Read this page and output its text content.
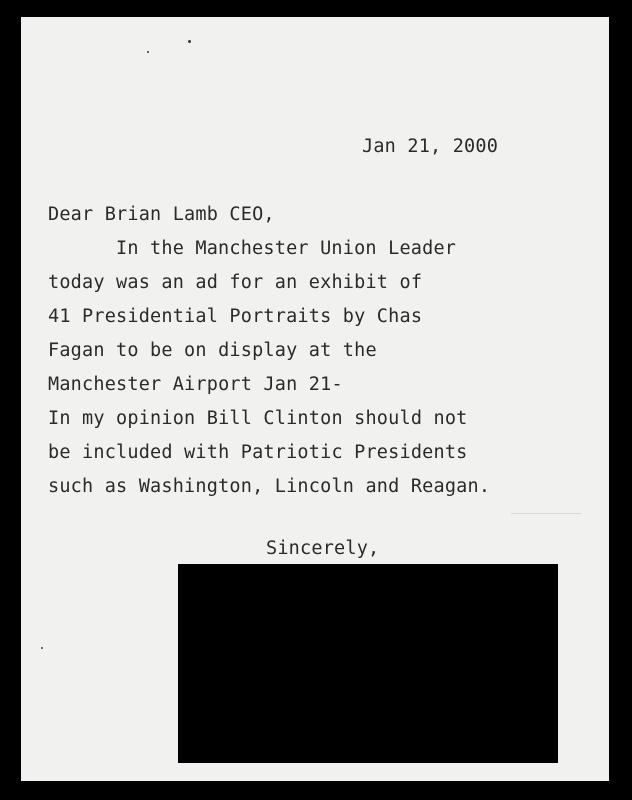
Jan 21, 2000

Dear Brian Lamb CEO,

In the Manchester Union Leader

today was an ad for an exhibit of

41 Presidential Portraits by Chas

Fagan to be on display at the

Manchester Airport Jan 21-

In my opinion Bill Clinton should not

be included with Patriotic Presidents

such as Washington, Lincoln and Reagan.

Sincerely,
